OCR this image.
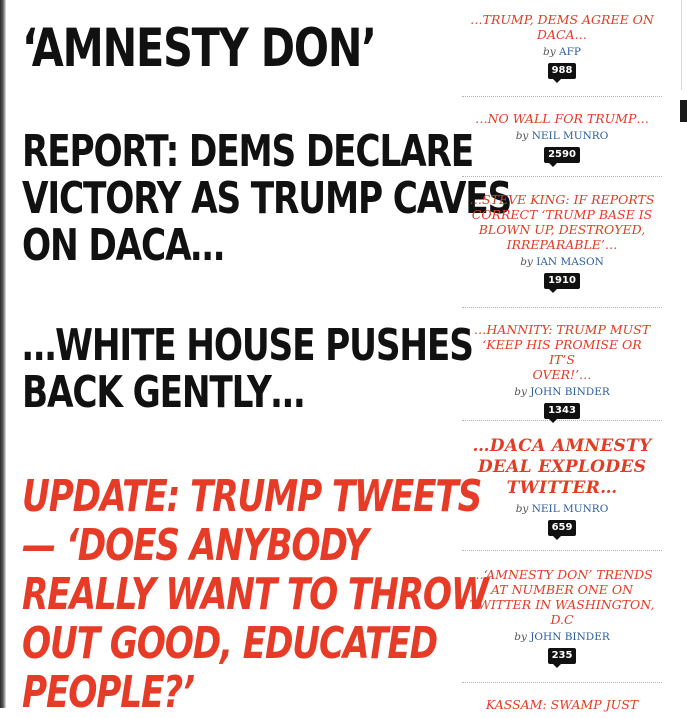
‘AMNESTY DON’
REPORT: DEMS DECLARE
VICTORY AS TRUMP CAVES
ON DACA…
…WHITE HOUSE PUSHES
BACK GENTLY…
UPDATE: TRUMP TWEETS
— ‘DOES ANYBODY
REALLY WANT TO THROW
OUT GOOD, EDUCATED
PEOPLE?’
…TRUMP, DEMS AGREE ON
DACA…
by AFP
988
…NO WALL FOR TRUMP…
by NEIL MUNRO
2590
…STEVE KING: IF REPORTS
CORRECT ‘TRUMP BASE IS
BLOWN UP, DESTROYED,
IRREPARABLE’…
by IAN MASON
1910
…HANNITY: TRUMP MUST
‘KEEP HIS PROMISE OR IT’S
OVER!’…
by JOHN BINDER
1343
…DACA AMNESTY
DEAL EXPLODES
TWITTER…
by NEIL MUNRO
659
…‘AMNESTY DON’ TRENDS
AT NUMBER ONE ON
TWITTER IN WASHINGTON,
D.C
by JOHN BINDER
235
KASSAM: SWAMP JUST
